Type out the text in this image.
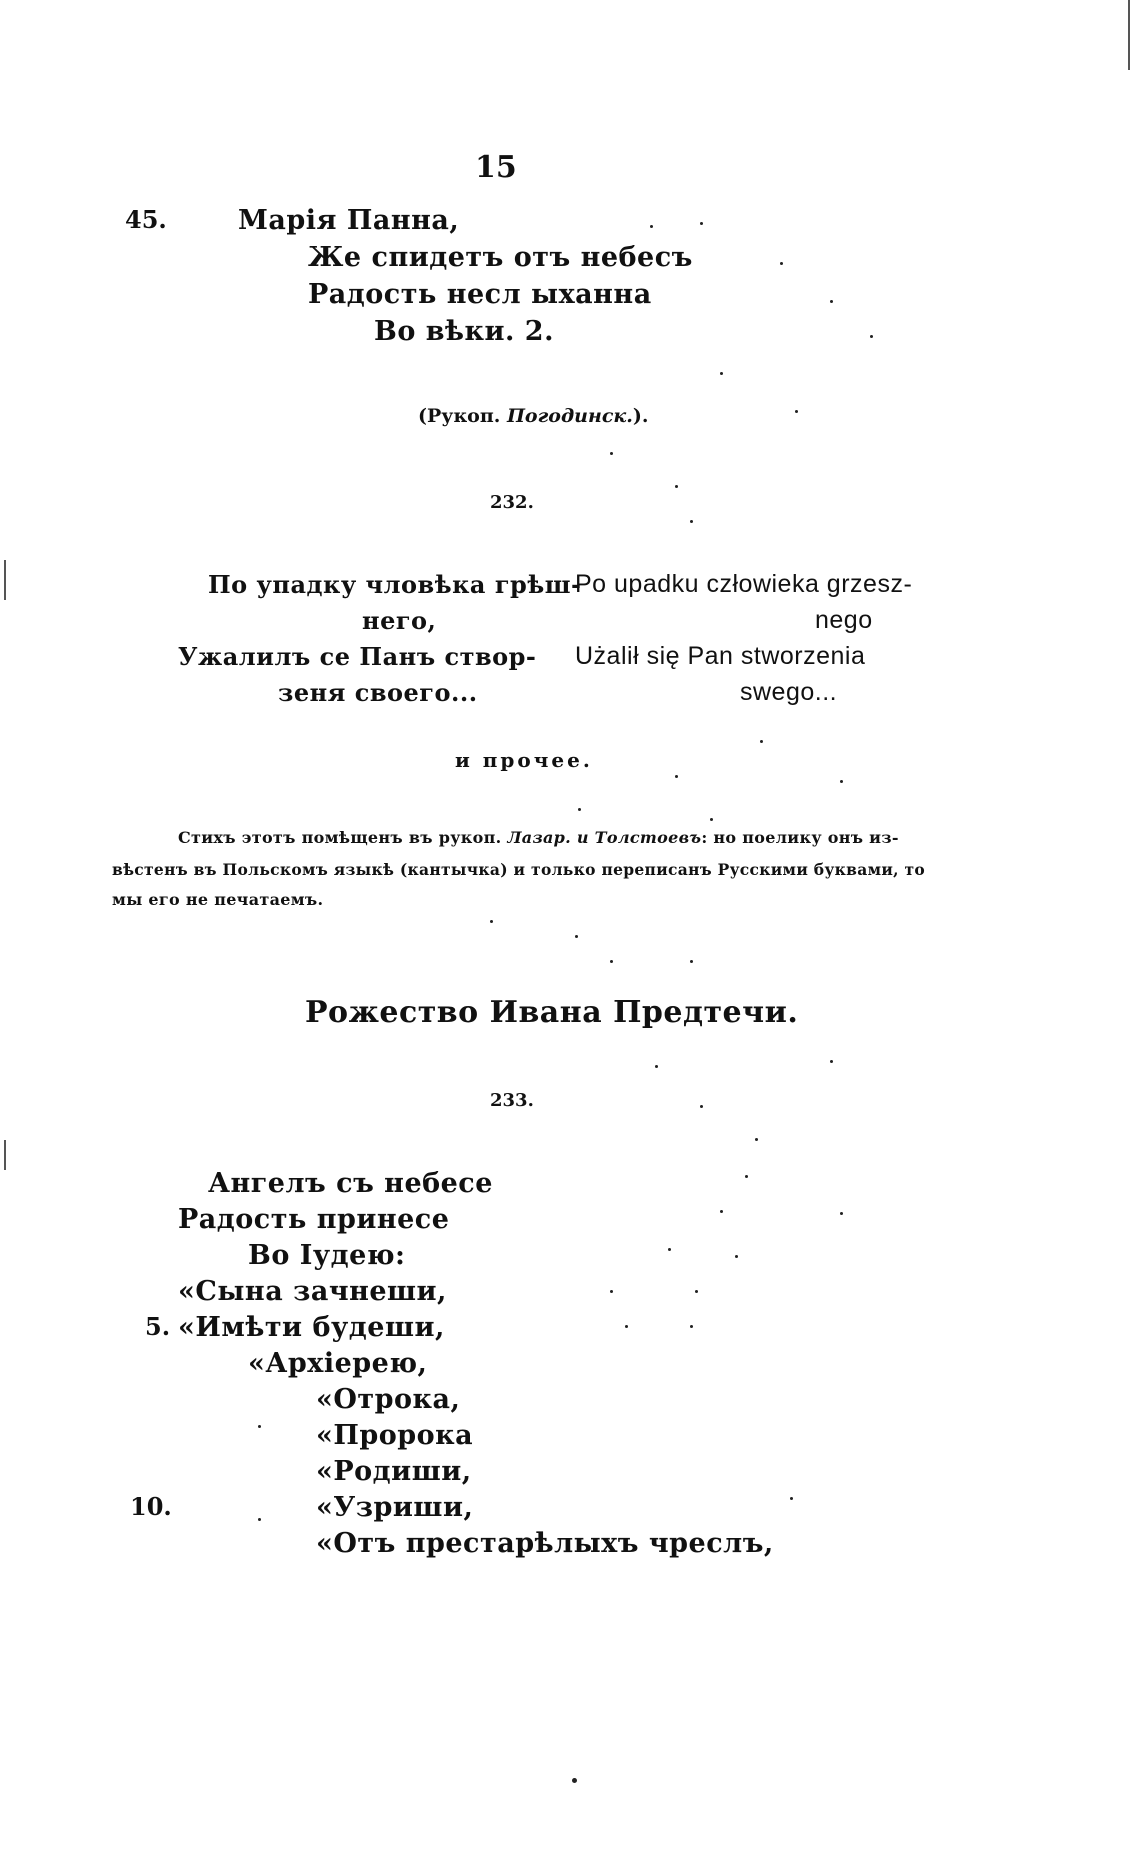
15
45.	Марія Панна,
Же спидетъ отъ небесъ
Радость несл ыханна
Во вѣки. 2.
(Рукоп. Погодинск.).
232.
По упадку чловѣка грѣш-
него,
Ужалилъ се Панъ створ-
зеня своего...
Po upadku człowieka grzesz-
nego
Użalił się Pan stworzenia
swego...
и прочее.
Стихъ этотъ помѣщенъ въ рукоп. Лазар. и Толстоевъ: но поелику онъ из-
вѣстенъ въ Польскомъ языкѣ (кантычка) и только переписанъ Русскими буквами, то
мы его не печатаемъ.
Рожество Ивана Предтечи.
233.
Ангелъ съ небесе
Радость принесе
Во Іудею:
«Сына зачнеши,
5. «Имѣти будеши,
«Архіерею,
«Отрока,
«Пророка
«Родиши,
10.	«Узриши,
«Отъ престарѣлыхъ чреслъ,
